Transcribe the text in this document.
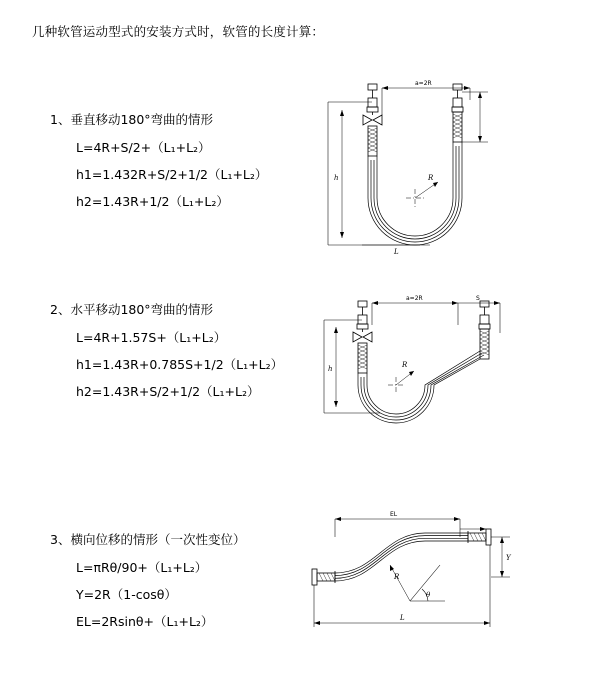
几种软管运动型式的安装方式时，软管的长度计算：
1、垂直移动180°弯曲的情形
L=4R+S/2+（L₁+L₂）
h1=1.432R+S/2+1/2（L₁+L₂）
h2=1.43R+1/2（L₁+L₂）
a=2R
h	R
L
2、水平移动180°弯曲的情形
L=4R+1.57S+（L₁+L₂）
h1=1.43R+0.785S+1/2（L₁+L₂）
h2=1.43R+S/2+1/2（L₁+L₂）
a=2R	S
h	R
3、横向位移的情形（一次性变位）
L=πRθ/90+（L₁+L₂）
Y=2R（1-cosθ）
EL=2Rsinθ+（L₁+L₂）
EL
θ
R
Y
L
